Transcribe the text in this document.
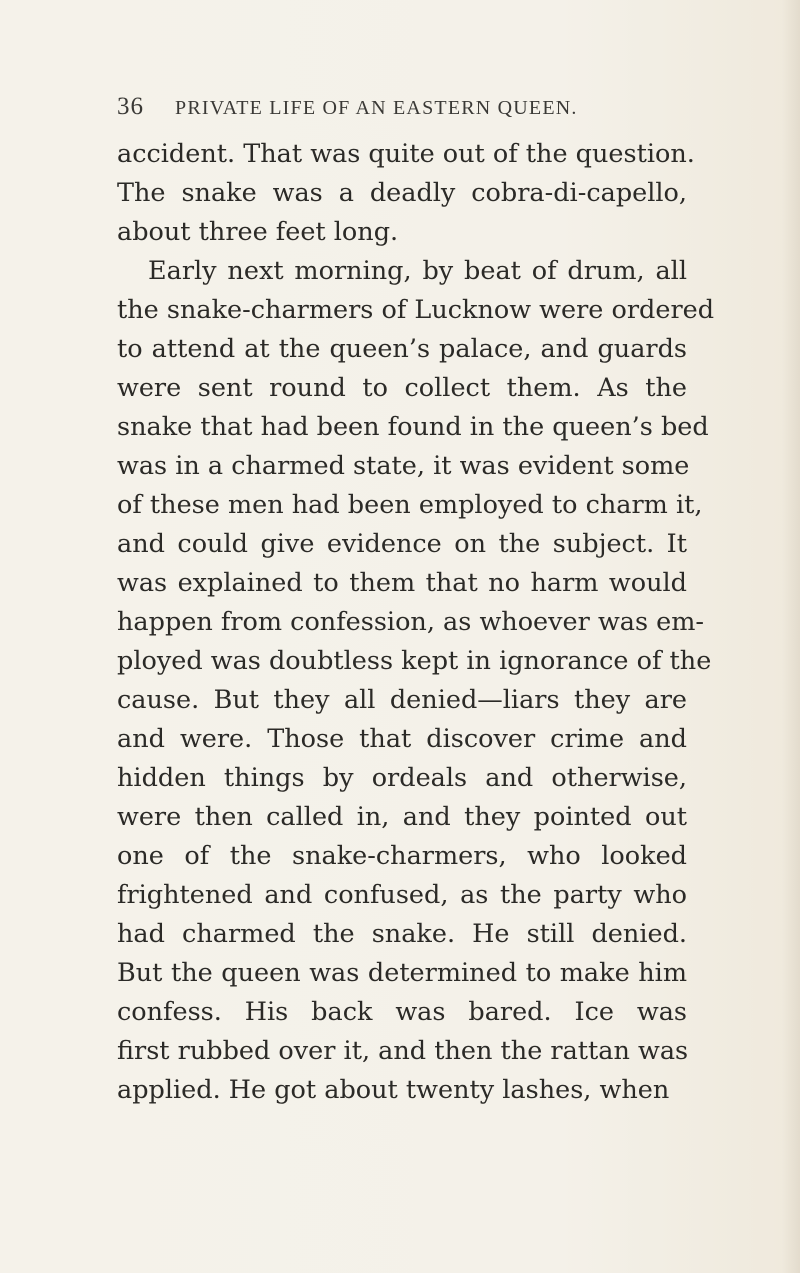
36 PRIVATE LIFE OF AN EASTERN QUEEN.
accident. That was quite out of the question.
The snake was a deadly cobra-di-capello,
about three feet long.
Early next morning, by beat of drum, all
the snake-charmers of Lucknow were ordered
to attend at the queen’s palace, and guards
were sent round to collect them. As the
snake that had been found in the queen’s bed
was in a charmed state, it was evident some
of these men had been employed to charm it,
and could give evidence on the subject. It
was explained to them that no harm would
happen from confession, as whoever was em-
ployed was doubtless kept in ignorance of the
cause. But they all denied—liars they are
and were. Those that discover crime and
hidden things by ordeals and otherwise,
were then called in, and they pointed out
one of the snake-charmers, who looked
frightened and confused, as the party who
had charmed the snake. He still denied.
But the queen was determined to make him
confess. His back was bared. Ice was
first rubbed over it, and then the rattan was
applied. He got about twenty lashes, when
